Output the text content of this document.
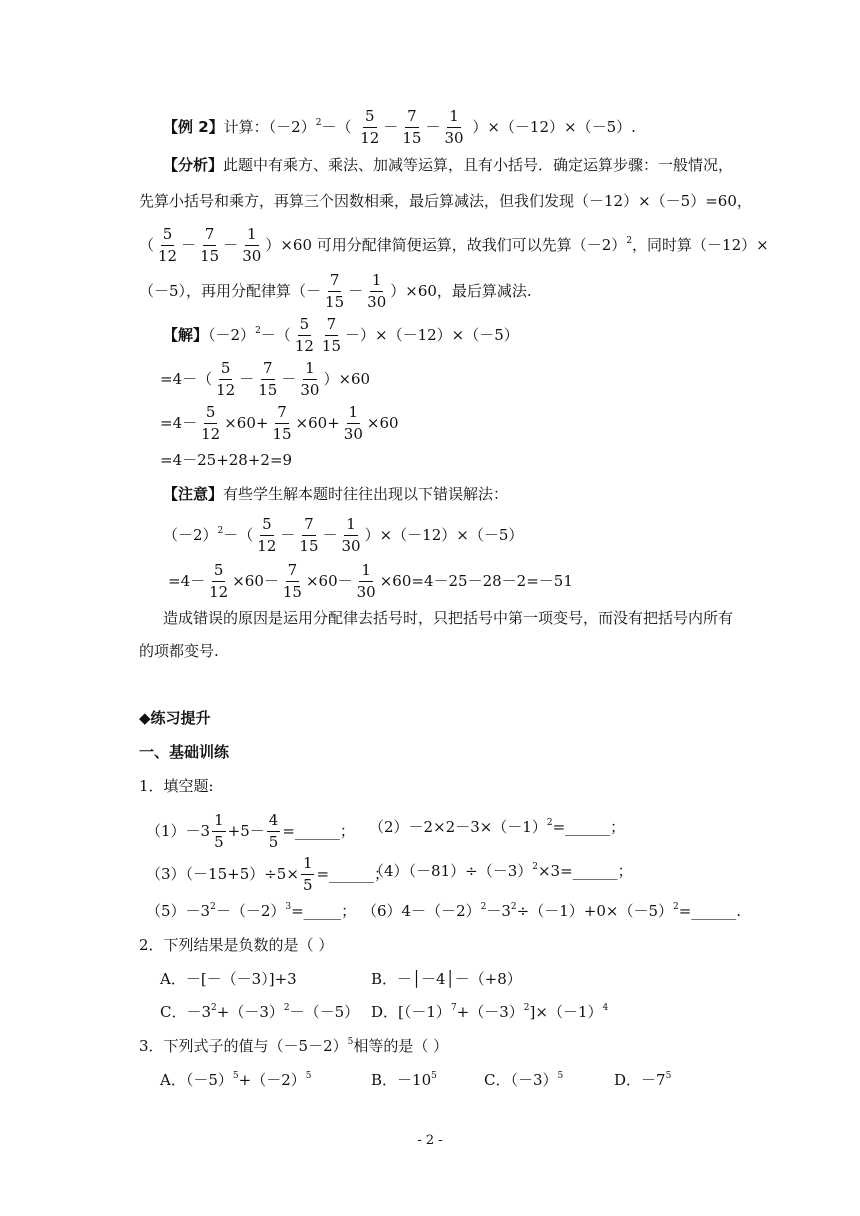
【例 2】计算：$(-2)^2-( \frac{5}{12} - \frac{7}{15} - \frac{1}{30} )\times(-12)\times(-5)$.
【分析】此题中有乘方、乘法、加减等运算，且有小括号．确定运算步骤：一般情况，
先算小括号和乘方，再算三个因数相乘，最后算减法，但我们发现（－12）×（－5）=60，
（ $\frac{5}{12} - \frac{7}{15} - \frac{1}{30} )\times 60$ 可用分配律简便运算，故我们可以先算$(-2)^2$，同时算（－12）×
（－5），再用分配律算（－ $\frac{7}{15} - \frac{1}{30} )\times 60$，最后算减法.
【解】$(-2)^2-( \frac{5}{12} \frac{7}{15} -)\times(-12)\times(-5)$
$=4-( \frac{5}{12} - \frac{7}{15} - \frac{1}{30} )\times 60$
$=4- \frac{5}{12} \times 60+ \frac{7}{15} \times 60+ \frac{1}{30} \times 60$
=4－25+28+2=9
【注意】有些学生解本题时往往出现以下错误解法：
$(-2)^2-( \frac{5}{12} - \frac{7}{15} - \frac{1}{30} )\times(-12)\times(-5)$
$=4- \frac{5}{12} \times 60- \frac{7}{15} \times 60- \frac{1}{30} \times 60=4-25-28-2=-51$
造成错误的原因是运用分配律去括号时，只把括号中第一项变号，而没有把括号内所有
的项都变号.
◆练习提升
一、基础训练
1．填空题:
$(1)-3 \frac{1}{5} +5- \frac{4}{5}$ =______； $(2)-2\times 2-3\times(-1)^2=\_\_\_\_\_\_$；
$(3)(-15+5)\div 5\times \frac{1}{5}$ =______；
$(4)(-81)\div(-3)^2\times 3=\_\_\_\_\_\_$；
$(5)-3^2-(-2)^3=\_\_\_\_\_$； $(6)4-(-2)^2-3^2\div(-1)+0\times(-5)^2=\_\_\_\_\_\_$.
2．下列结果是负数的是（ ）
A．－[－（－3）]+3	B．－│－4│－（+8）
C．$-3^2+(-3)^2-(-5)$ D．$[(-1)^7+(-3)^2]\times(-1)^4$
3．下列式子的值与$(-5-2)^5$相等的是（ ）
A．$(-5)^5+(-2)^5$	B．$-10^5$	C．$(-3)^5$	D．$-7^5$
- 2 -
